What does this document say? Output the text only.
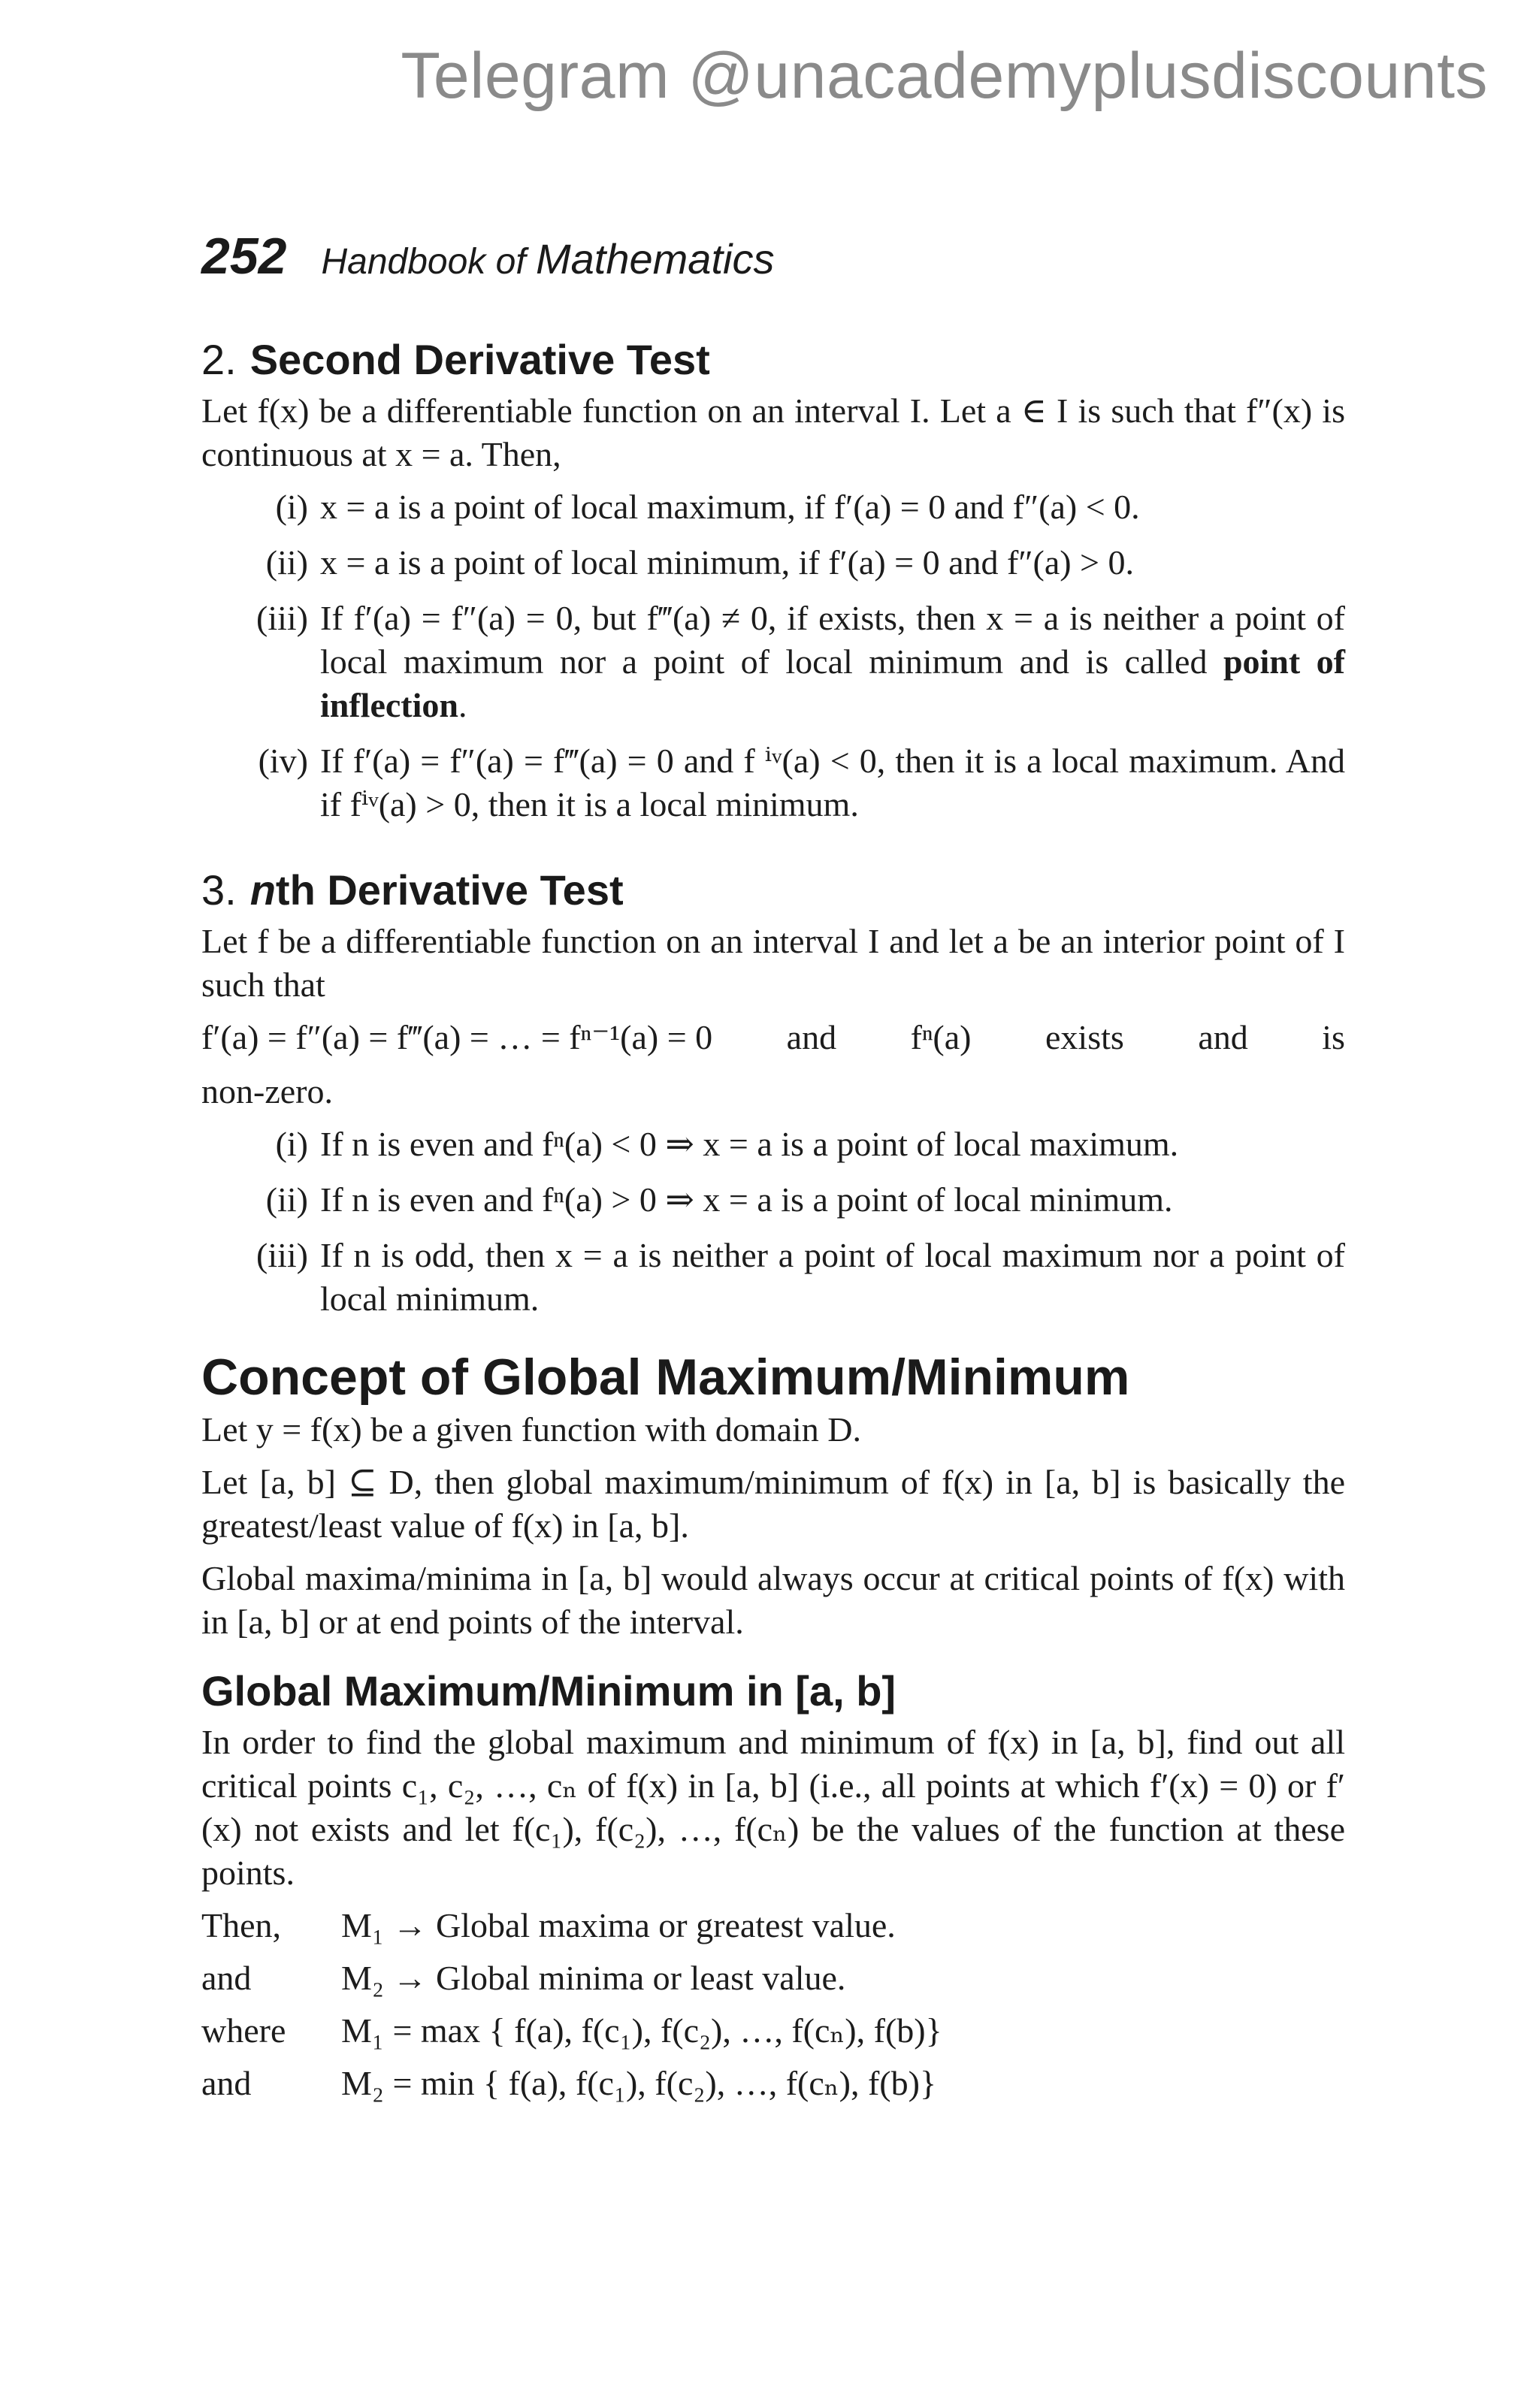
Telegram @unacademyplusdiscounts
252 Handbook of Mathematics
2. Second Derivative Test

Let f(x) be a differentiable function on an interval I. Let a ∈ I is such that f″(x) is continuous at x = a. Then,

(i) x = a is a point of local maximum, if f′(a) = 0 and f″(a) < 0.
(ii) x = a is a point of local minimum, if f′(a) = 0 and f″(a) > 0.
(iii) If f′(a) = f″(a) = 0, but f‴(a) ≠ 0, if exists, then x = a is neither a point of local maximum nor a point of local minimum and is called point of inflection.
(iv) If f′(a) = f″(a) = f‴(a) = 0 and f ⁱᵛ(a) < 0, then it is a local maximum. And if fⁱᵛ(a) > 0, then it is a local minimum.
3. nth Derivative Test

Let f be a differentiable function on an interval I and let a be an interior point of I such that

f′(a) = f″(a) = f‴(a) = … = fⁿ⁻¹(a) = 0 and fⁿ(a) exists and is

non-zero.

(i) If n is even and fⁿ(a) < 0 ⇒ x = a is a point of local maximum.
(ii) If n is even and fⁿ(a) > 0 ⇒ x = a is a point of local minimum.
(iii) If n is odd, then x = a is neither a point of local maximum nor a point of local minimum.
Concept of Global Maximum/Minimum

Let y = f(x) be a given function with domain D.

Let [a, b] ⊆ D, then global maximum/minimum of f(x) in [a, b] is basically the greatest/least value of f(x) in [a, b].

Global maxima/minima in [a, b] would always occur at critical points of f(x) with in [a, b] or at end points of the interval.

Global Maximum/Minimum in [a, b]

In order to find the global maximum and minimum of f(x) in [a, b], find out all critical points c₁, c₂, …, cₙ of f(x) in [a, b] (i.e., all points at which f′(x) = 0) or f′(x) not exists and let f(c₁), f(c₂), …, f(cₙ) be the values of the function at these points.

Then,	M₁ → Global maxima or greatest value.
and	M₂ → Global minima or least value.
where	M₁ = max { f(a), f(c₁), f(c₂), …, f(cₙ), f(b)}
and	M₂ = min { f(a), f(c₁), f(c₂), …, f(cₙ), f(b)}
